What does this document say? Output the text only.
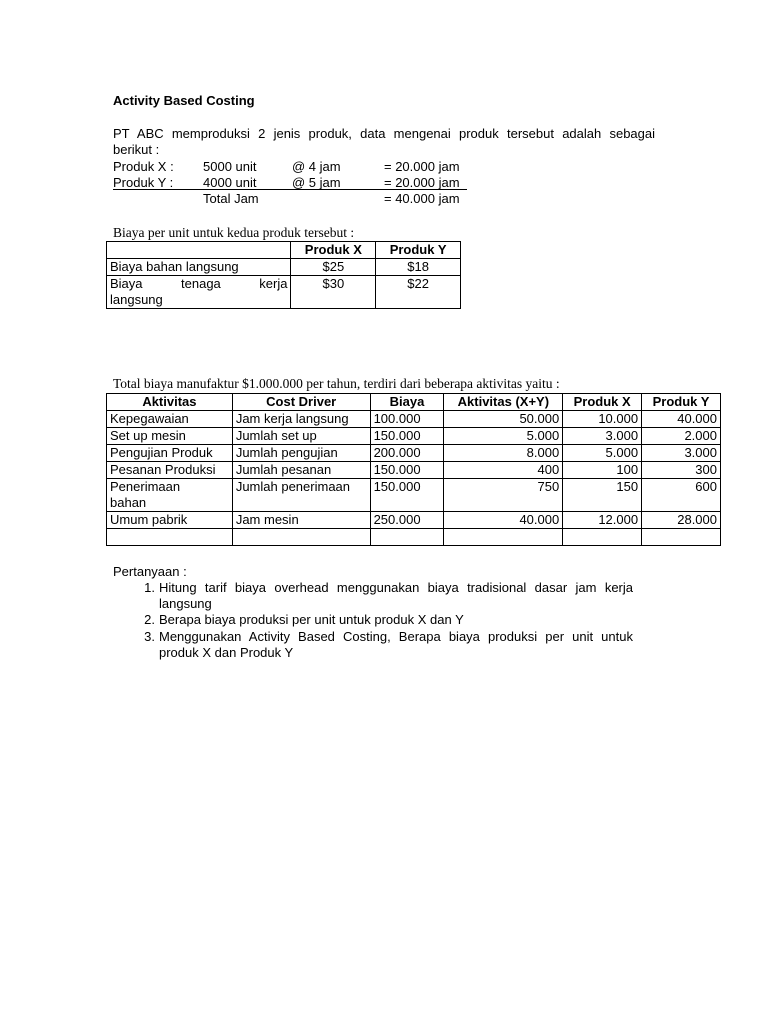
Activity Based Costing
PT ABC memproduksi 2 jenis produk, data mengenai produk tersebut adalah sebagai
berikut :
Produk X : 5000 unit	@ 4 jam	= 20.000 jam
Produk Y : 4000 unit	@ 5 jam	= 20.000 jam
Total Jam	= 40.000 jam
Biaya per unit untuk kedua produk tersebut :
	Produk X	Produk Y
Biaya bahan langsung	$25	$18

Biaya tenaga kerja
langsung	$30	$22
Total biaya manufaktur $1.000.000 per tahun, terdiri dari beberapa aktivitas yaitu :
Aktivitas	Cost Driver	Biaya	Aktivitas (X+Y)	Produk X	Produk Y
Kepegawaian	Jam kerja langsung	100.000	50.000	10.000	40.000
Set up mesin	Jumlah set up	150.000	5.000	3.000	2.000
Pengujian Produk	Jumlah pengujian	200.000	8.000	5.000	3.000
Pesanan Produksi	Jumlah pesanan	150.000	400	100	300

Penerimaan
bahan	Jumlah penerimaan	150.000	750	150	600
Umum pabrik	Jam mesin	250.000	40.000	12.000	28.000

Pertanyaan :
1. Hitung tarif biaya overhead menggunakan biaya tradisional dasar jam kerja
langsung
2. Berapa biaya produksi per unit untuk produk X dan Y
3. Menggunakan Activity Based Costing, Berapa biaya produksi per unit untuk
produk X dan Produk Y
